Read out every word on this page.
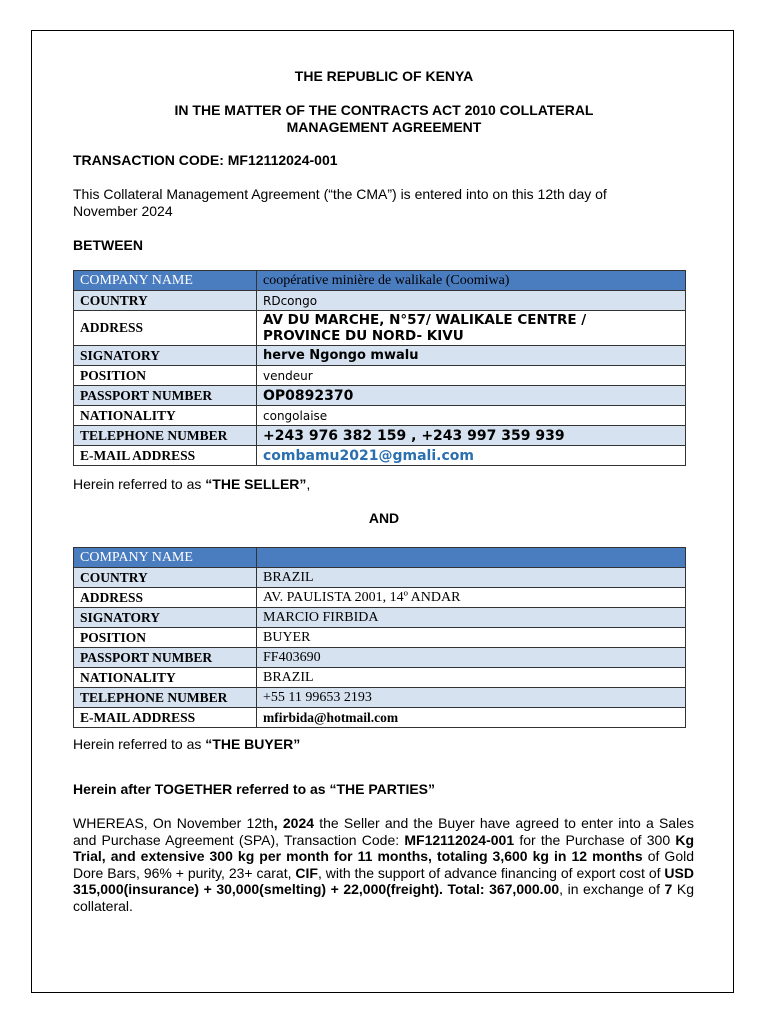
THE REPUBLIC OF KENYA
IN THE MATTER OF THE CONTRACTS ACT 2010 COLLATERAL
MANAGEMENT AGREEMENT
TRANSACTION CODE: MF12112024-001
This Collateral Management Agreement (“the CMA”) is entered into on this 12th day of
November 2024
BETWEEN
COMPANY NAME	coopérative minière de walikale (Coomiwa)
COUNTRY	RDcongo
ADDRESS	AV DU MARCHE, N°57/ WALIKALE CENTRE /
PROVINCE DU NORD- KIVU
SIGNATORY	herve Ngongo mwalu
POSITION	vendeur
PASSPORT NUMBER	OP0892370
NATIONALITY	congolaise
TELEPHONE NUMBER	+243 976 382 159 , +243 997 359 939
E-MAIL ADDRESS	combamu2021@gmali.com
Herein referred to as “THE SELLER”,
AND
COMPANY NAME	
COUNTRY	BRAZIL
ADDRESS	AV. PAULISTA 2001, 14º ANDAR
SIGNATORY	MARCIO FIRBIDA
POSITION	BUYER
PASSPORT NUMBER	FF403690
NATIONALITY	BRAZIL
TELEPHONE NUMBER	+55 11 99653 2193
E-MAIL ADDRESS	mfirbida@hotmail.com
Herein referred to as “THE BUYER”
Herein after TOGETHER referred to as “THE PARTIES”
WHEREAS, On November 12th, 2024 the Seller and the Buyer have agreed to enter into a Sales and Purchase Agreement (SPA), Transaction Code: MF12112024-001 for the Purchase of 300 Kg Trial, and extensive 300 kg per month for 11 months, totaling 3,600 kg in 12 months of Gold Dore Bars, 96% + purity, 23+ carat, CIF, with the support of advance financing of export cost of USD 315,000(insurance) + 30,000(smelting) + 22,000(freight). Total: 367,000.00, in exchange of 7 Kg collateral.
